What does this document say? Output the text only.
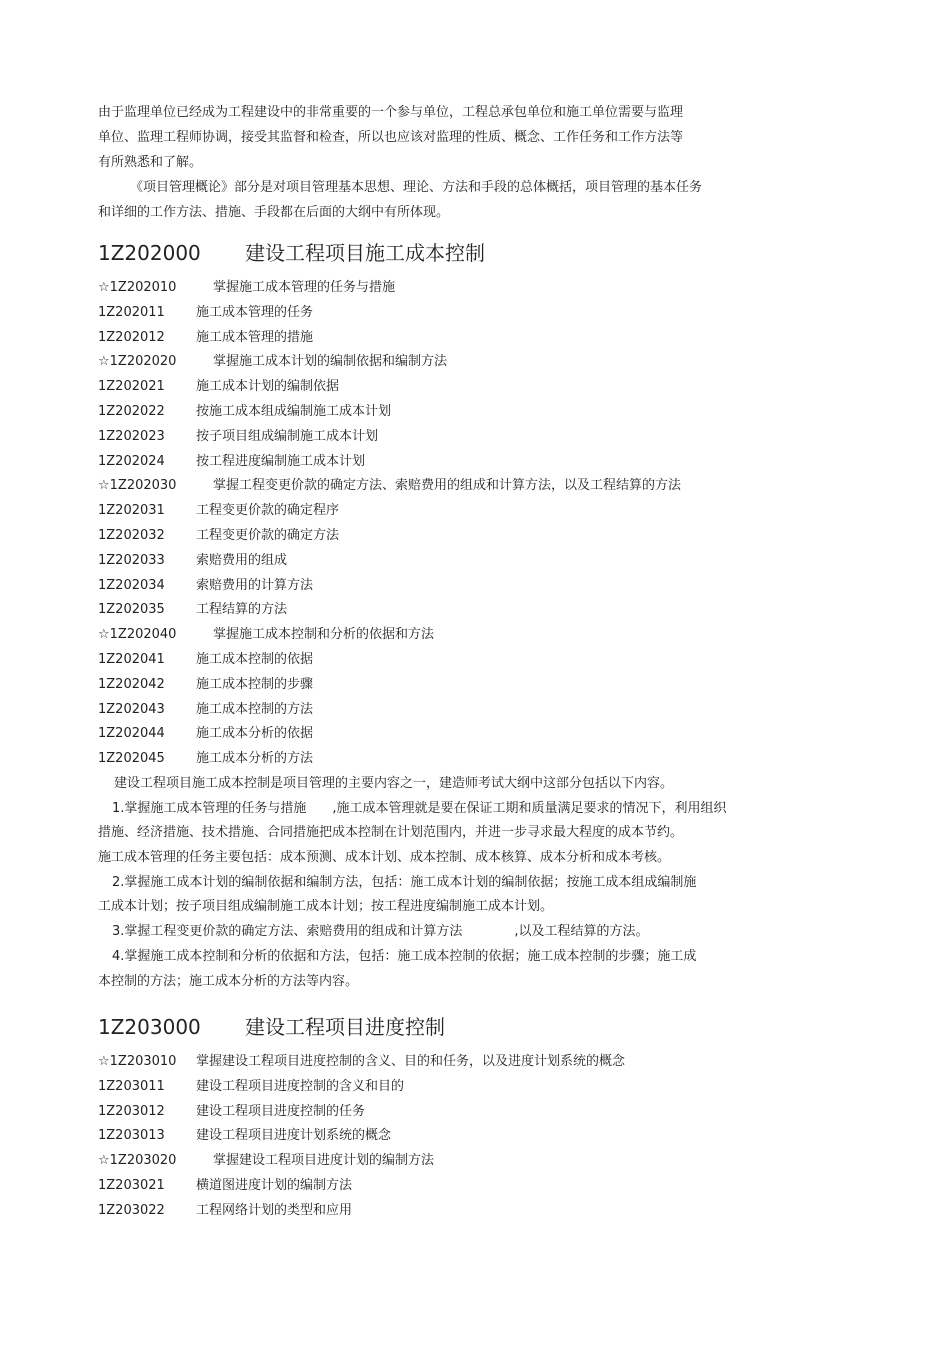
由于监理单位已经成为工程建设中的非常重要的一个参与单位，工程总承包单位和施工单位需要与监理
单位、监理工程师协调，接受其监督和检查，所以也应该对监理的性质、概念、工作任务和工作方法等
有所熟悉和了解。

《项目管理概论》部分是对项目管理基本思想、理论、方法和手段的总体概括，项目管理的基本任务

和详细的工作方法、措施、手段都在后面的大纲中有所体现。

1Z202000 建设工程项目施工成本控制
☆1Z202010	掌握施工成本管理的任务与措施
1Z202011 施工成本管理的任务
1Z202012 施工成本管理的措施
☆1Z202020	掌握施工成本计划的编制依据和编制方法
1Z202021 施工成本计划的编制依据
1Z202022 按施工成本组成编制施工成本计划
1Z202023 按子项目组成编制施工成本计划
1Z202024 按工程进度编制施工成本计划
☆1Z202030	掌握工程变更价款的确定方法、索赔费用的组成和计算方法，以及工程结算的方法
1Z202031 工程变更价款的确定程序
1Z202032 工程变更价款的确定方法
1Z202033 索赔费用的组成
1Z202034 索赔费用的计算方法
1Z202035 工程结算的方法
☆1Z202040	掌握施工成本控制和分析的依据和方法
1Z202041 施工成本控制的依据
1Z202042 施工成本控制的步骤
1Z202043 施工成本控制的方法
1Z202044 施工成本分析的依据
1Z202045 施工成本分析的方法

建设工程项目施工成本控制是项目管理的主要内容之一，建造师考试大纲中这部分包括以下内容。

1.掌握施工成本管理的任务与措施　　,施工成本管理就是要在保证工期和质量满足要求的情况下，利用组织

措施、经济措施、技术措施、合同措施把成本控制在计划范围内，并进一步寻求最大程度的成本节约。

施工成本管理的任务主要包括：成本预测、成本计划、成本控制、成本核算、成本分析和成本考核。

2.掌握施工成本计划的编制依据和编制方法，包括：施工成本计划的编制依据；按施工成本组成编制施

工成本计划；按子项目组成编制施工成本计划；按工程进度编制施工成本计划。

3.掌握工程变更价款的确定方法、索赔费用的组成和计算方法　　　　,以及工程结算的方法。

4.掌握施工成本控制和分析的依据和方法，包括：施工成本控制的依据；施工成本控制的步骤；施工成

本控制的方法；施工成本分析的方法等内容。

1Z203000 建设工程项目进度控制
☆1Z203010 掌握建设工程项目进度控制的含义、目的和任务，以及进度计划系统的概念
1Z203011 建设工程项目进度控制的含义和目的
1Z203012 建设工程项目进度控制的任务
1Z203013 建设工程项目进度计划系统的概念
☆1Z203020	掌握建设工程项目进度计划的编制方法
1Z203021 横道图进度计划的编制方法
1Z203022 工程网络计划的类型和应用
